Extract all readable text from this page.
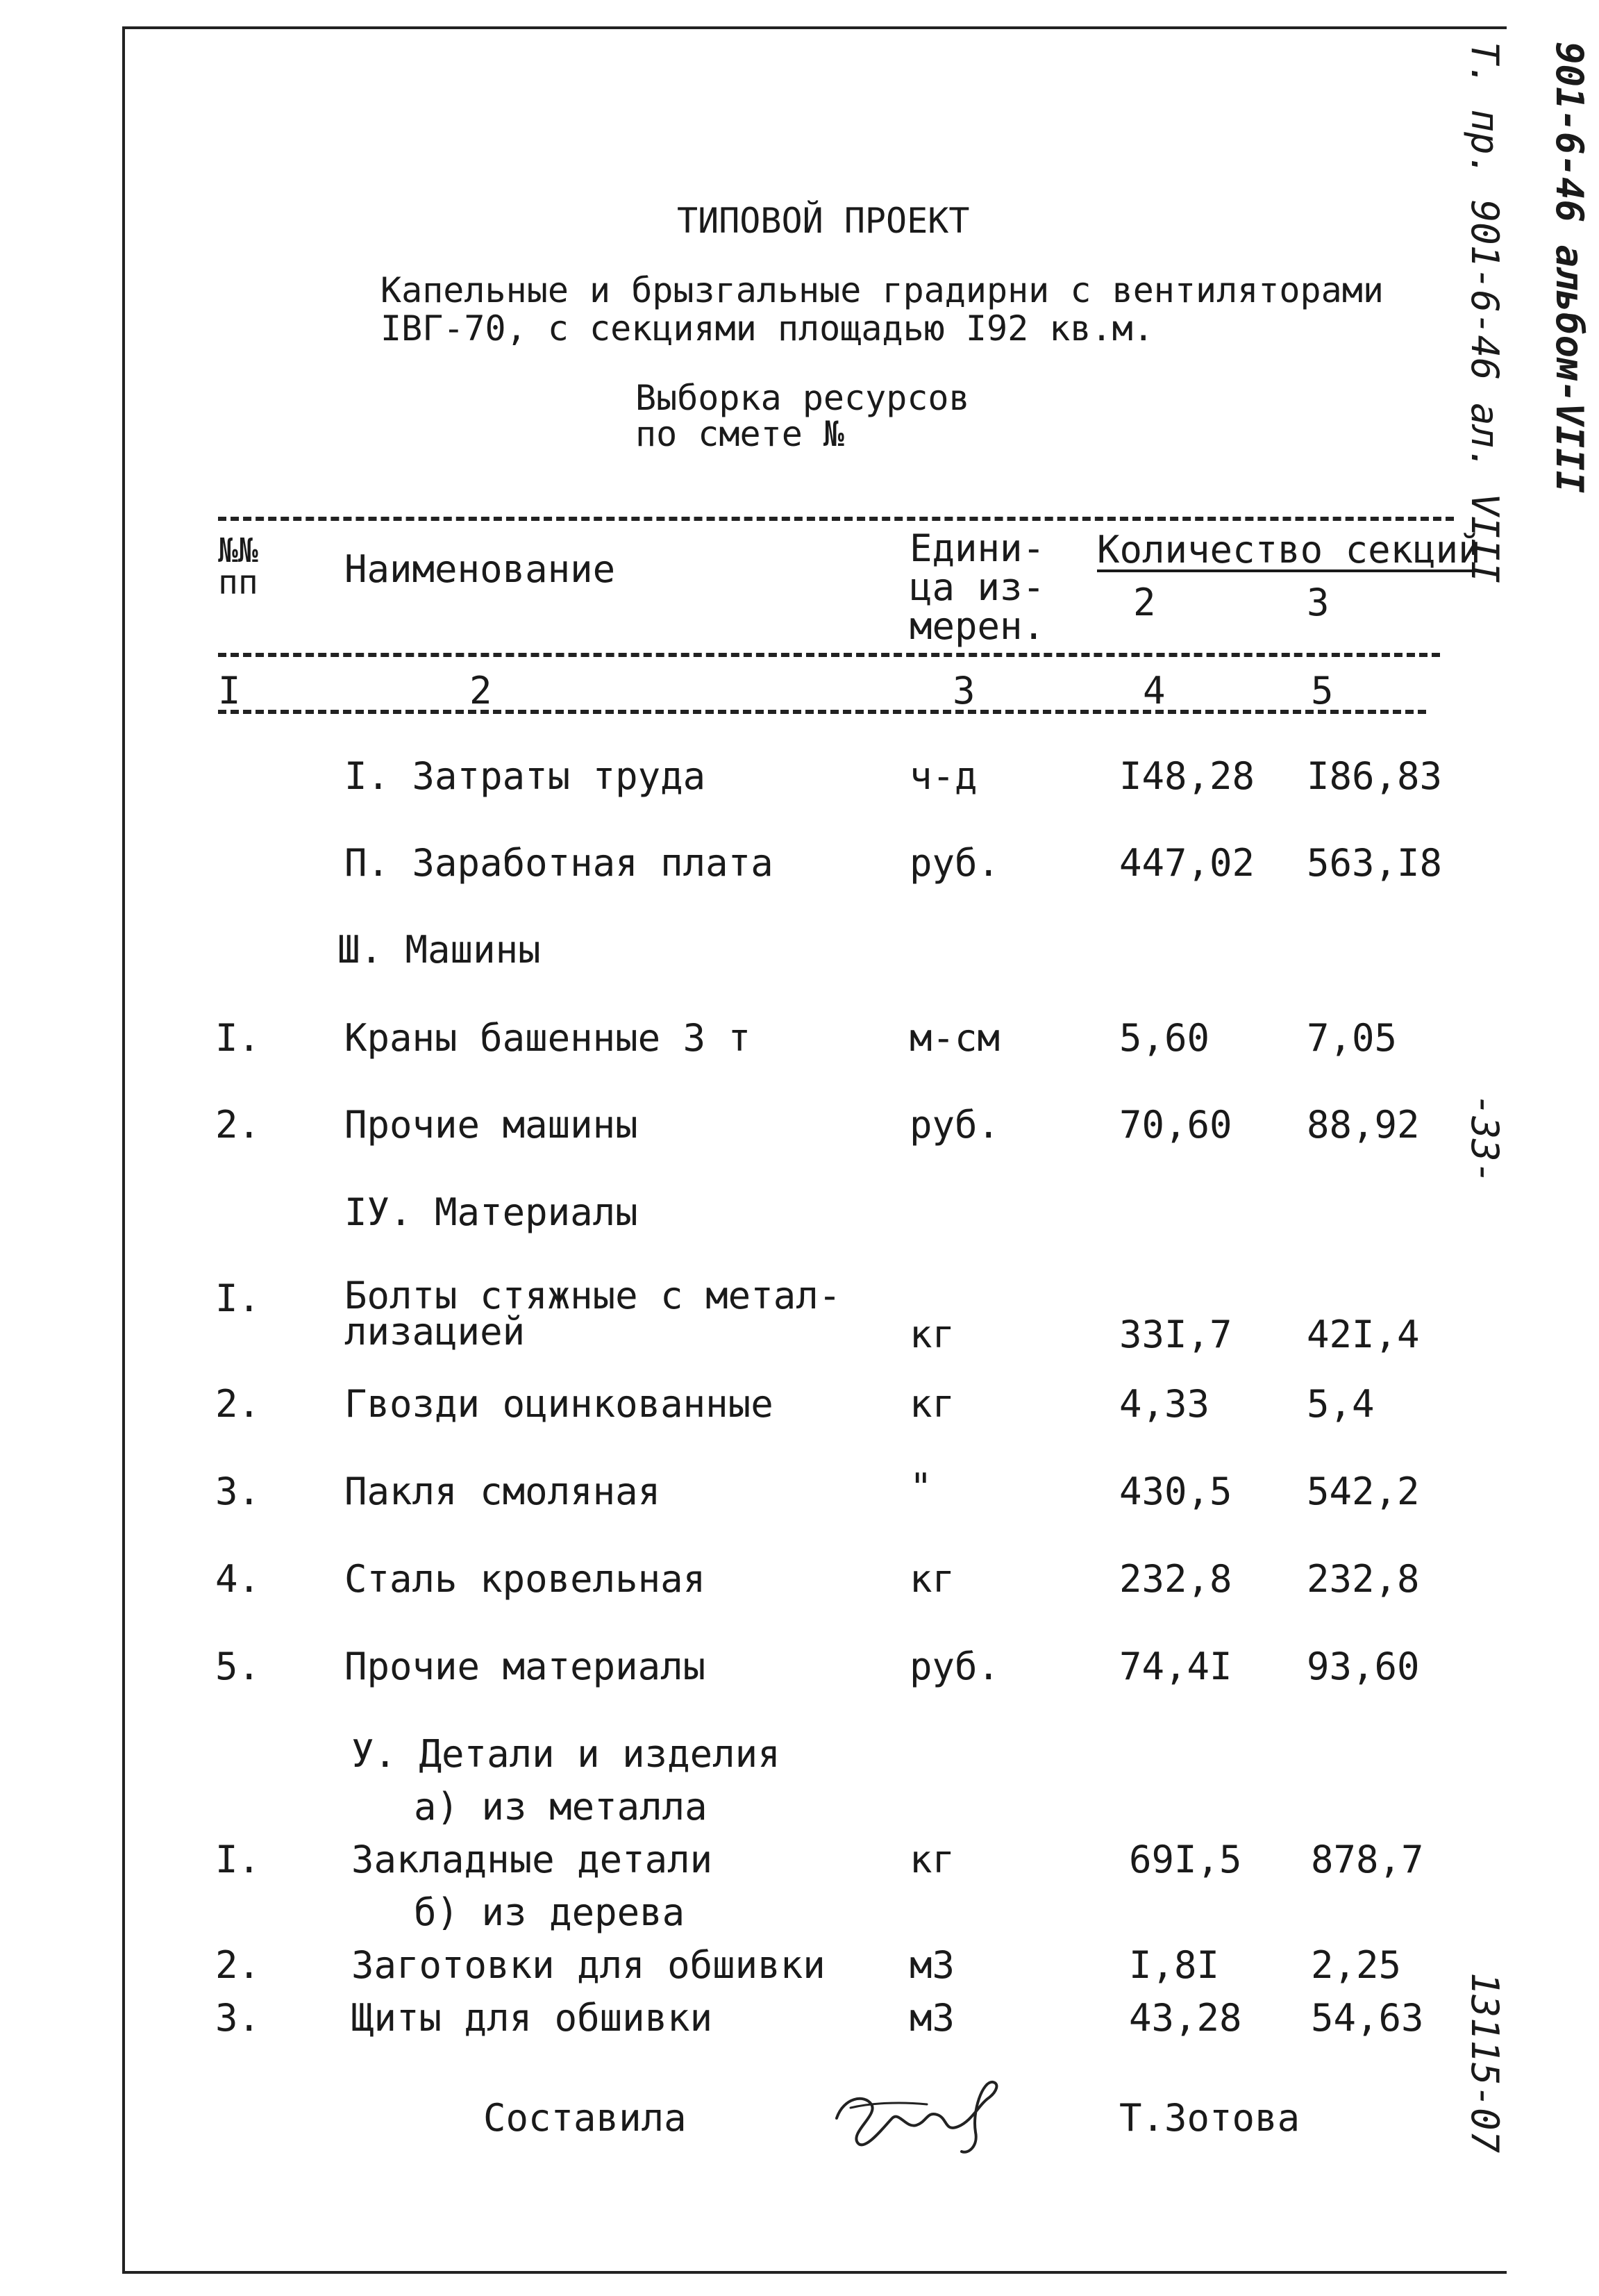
ТИПОВОЙ ПРОЕКТ
Капельные и брызгальные градирни с вентиляторами
IВГ-70, с секциями площадью I92 кв.м.
Выборка ресурсов
по смете №	901-6-46 альбом-VIII
Т. пр. 901-6-46 ал. VIII
-33-
13115-07
№№
пп Наименование	Едини-
ца из-
мерен.
Количество секций
2	3
I	2	3	4	5
I. Затраты труда	ч-д	I48,28 I86,83
П. Заработная плата	руб.	447,02 563,I8
Ш. Машины
I. Краны башенные 3 т	м-см	5,60	7,05
2. Прочие машины	руб.	70,60 88,92
IУ. Материалы
I. Болты стяжные с метал-
лизацией	кг	33I,7 42I,4
2. Гвозди оцинкованные	кг	4,33	5,4
3. Пакля смоляная	"	430,5 542,2
4. Сталь кровельная	кг	232,8 232,8
5. Прочие материалы	руб.	74,4I 93,60
У. Детали и изделия
а) из металла
I. Закладные детали	кг	69I,5 878,7
б) из дерева
2. Заготовки для обшивки м3	I,8I 2,25
3. Щиты для обшивки	м3	43,28 54,63
Составила	Т.Зотова
